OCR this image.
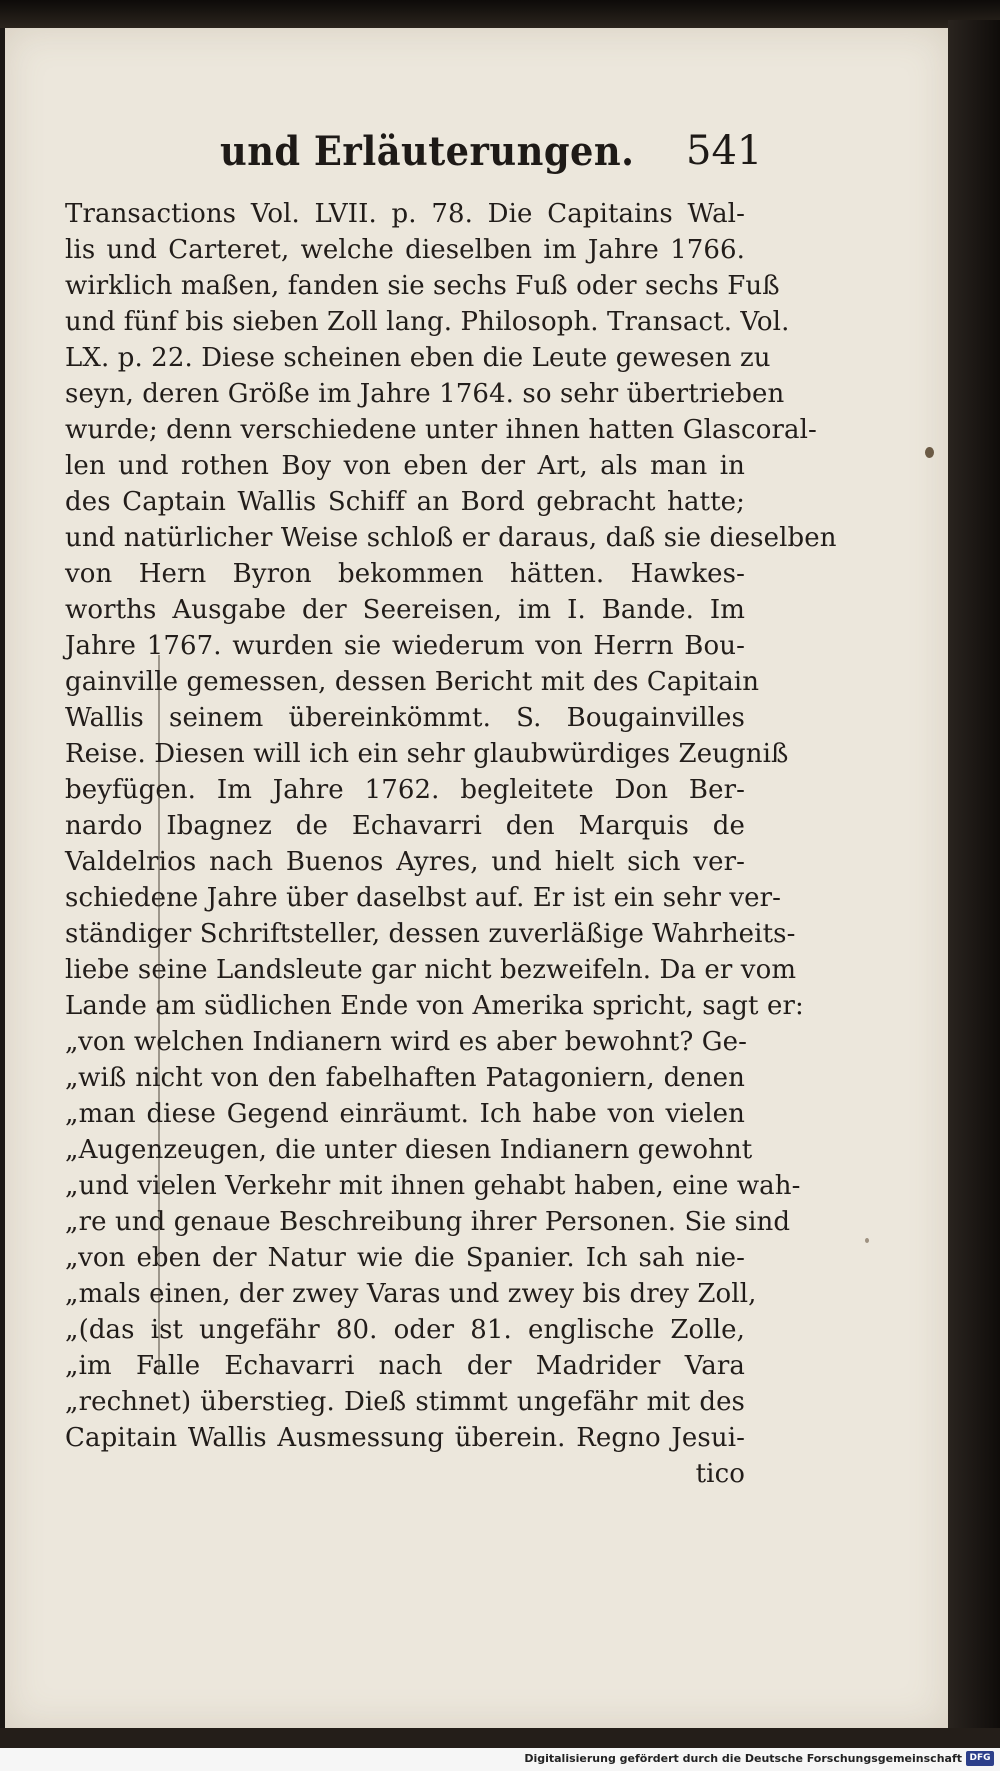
und Erläuterungen.	541
Transactions Vol. LVII. p. 78. Die Capitains Wal-
lis und Carteret, welche dieselben im Jahre 1766.
wirklich maßen, fanden sie sechs Fuß oder sechs Fuß
und fünf bis sieben Zoll lang. Philosoph. Transact. Vol.
LX. p. 22. Diese scheinen eben die Leute gewesen zu
seyn, deren Größe im Jahre 1764. so sehr übertrieben
wurde; denn verschiedene unter ihnen hatten Glascoral-
len und rothen Boy von eben der Art, als man in
des Captain Wallis Schiff an Bord gebracht hatte;
und natürlicher Weise schloß er daraus, daß sie dieselben
von Hern Byron bekommen hätten. Hawkes-
worths Ausgabe der Seereisen, im I. Bande. Im
Jahre 1767. wurden sie wiederum von Herrn Bou-
gainville gemessen, dessen Bericht mit des Capitain
Wallis seinem übereinkömmt. S. Bougainvilles
Reise. Diesen will ich ein sehr glaubwürdiges Zeugniß
beyfügen. Im Jahre 1762. begleitete Don Ber-
nardo Ibagnez de Echavarri den Marquis de
Valdelrios nach Buenos Ayres, und hielt sich ver-
schiedene Jahre über daselbst auf. Er ist ein sehr ver-
ständiger Schriftsteller, dessen zuverläßige Wahrheits-
liebe seine Landsleute gar nicht bezweifeln. Da er vom
Lande am südlichen Ende von Amerika spricht, sagt er:
„von welchen Indianern wird es aber bewohnt? Ge-
„wiß nicht von den fabelhaften Patagoniern, denen
„man diese Gegend einräumt. Ich habe von vielen
„Augenzeugen, die unter diesen Indianern gewohnt
„und vielen Verkehr mit ihnen gehabt haben, eine wah-
„re und genaue Beschreibung ihrer Personen. Sie sind
„von eben der Natur wie die Spanier. Ich sah nie-
„mals einen, der zwey Varas und zwey bis drey Zoll,
„(das ist ungefähr 80. oder 81. englische Zolle,
„im Falle Echavarri nach der Madrider Vara
„rechnet) überstieg. Dieß stimmt ungefähr mit des
Capitain Wallis Ausmessung überein. Regno Jesui-
tico
Digitalisierung gefördert durch die Deutsche Forschungsgemeinschaft DFG
